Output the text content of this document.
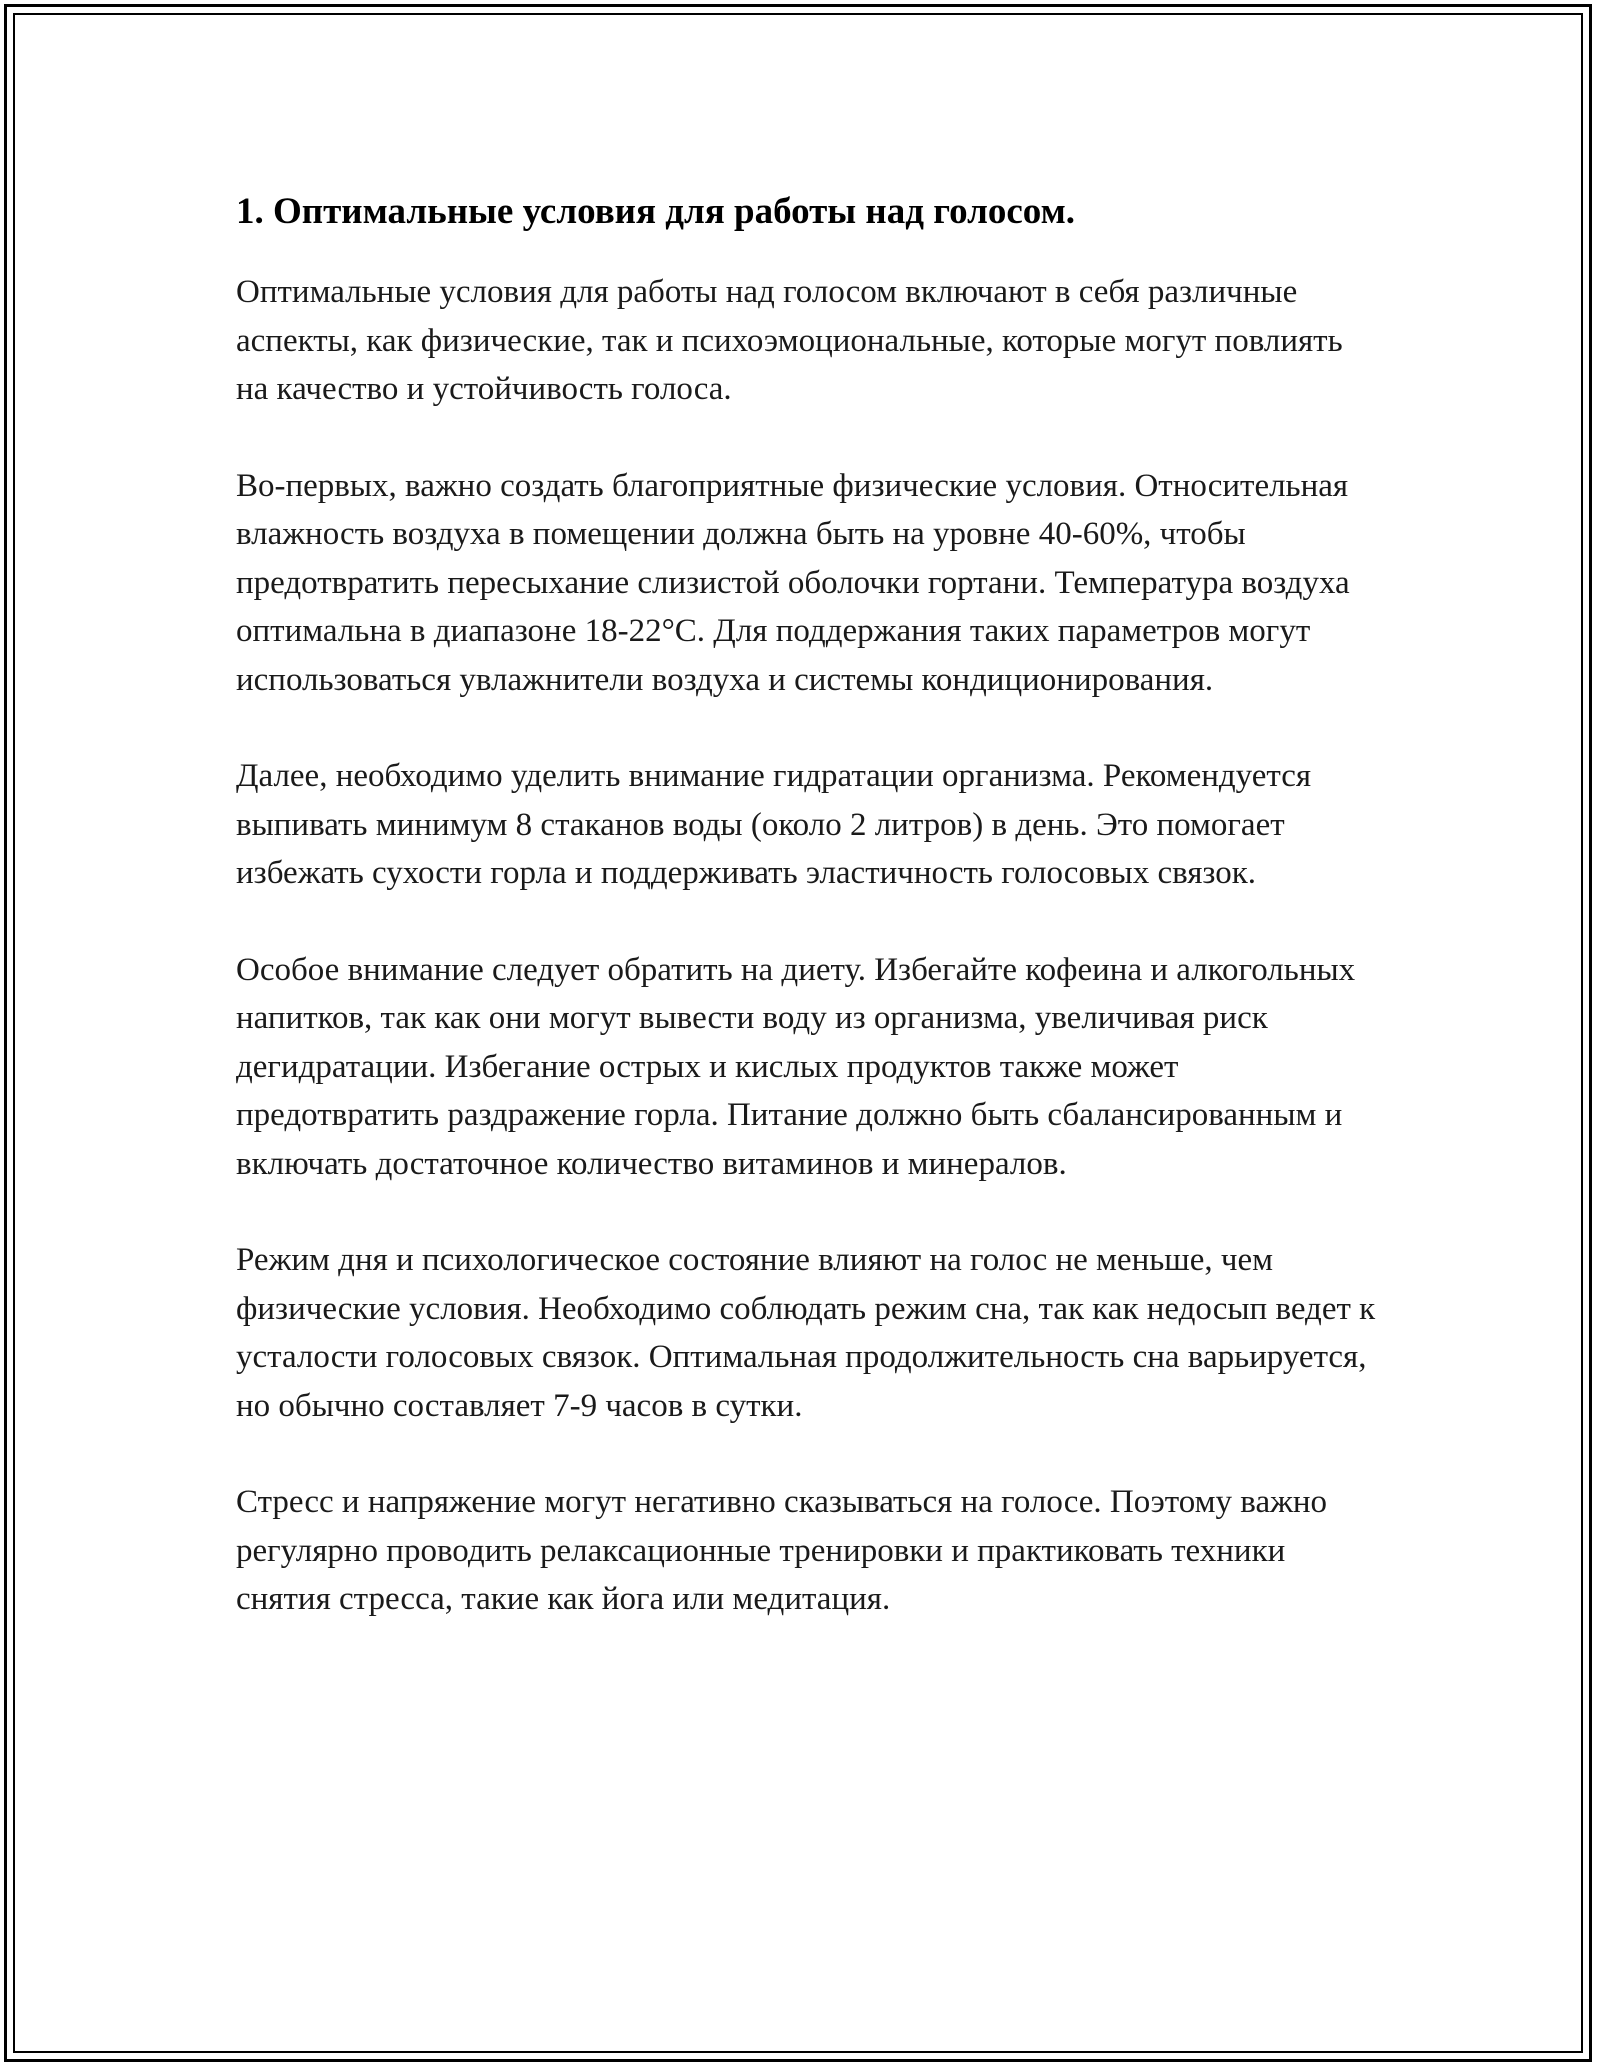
1. Оптимальные условия для работы над голосом.

Оптимальные условия для работы над голосом включают в себя различные аспекты, как физические, так и психоэмоциональные, которые могут повлиять на качество и устойчивость голоса.

Во-первых, важно создать благоприятные физические условия. Относительная влажность воздуха в помещении должна быть на уровне 40-60%, чтобы предотвратить пересыхание слизистой оболочки гортани. Температура воздуха оптимальна в диапазоне 18-22°C. Для поддержания таких параметров могут использоваться увлажнители воздуха и системы кондиционирования.

Далее, необходимо уделить внимание гидратации организма. Рекомендуется выпивать минимум 8 стаканов воды (около 2 литров) в день. Это помогает избежать сухости горла и поддерживать эластичность голосовых связок.

Особое внимание следует обратить на диету. Избегайте кофеина и алкогольных напитков, так как они могут вывести воду из организма, увеличивая риск дегидратации. Избегание острых и кислых продуктов также может предотвратить раздражение горла. Питание должно быть сбалансированным и включать достаточное количество витаминов и минералов.

Режим дня и психологическое состояние влияют на голос не меньше, чем физические условия. Необходимо соблюдать режим сна, так как недосып ведет к усталости голосовых связок. Оптимальная продолжительность сна варьируется, но обычно составляет 7-9 часов в сутки.

Стресс и напряжение могут негативно сказываться на голосе. Поэтому важно регулярно проводить релаксационные тренировки и практиковать техники снятия стресса, такие как йога или медитация.
